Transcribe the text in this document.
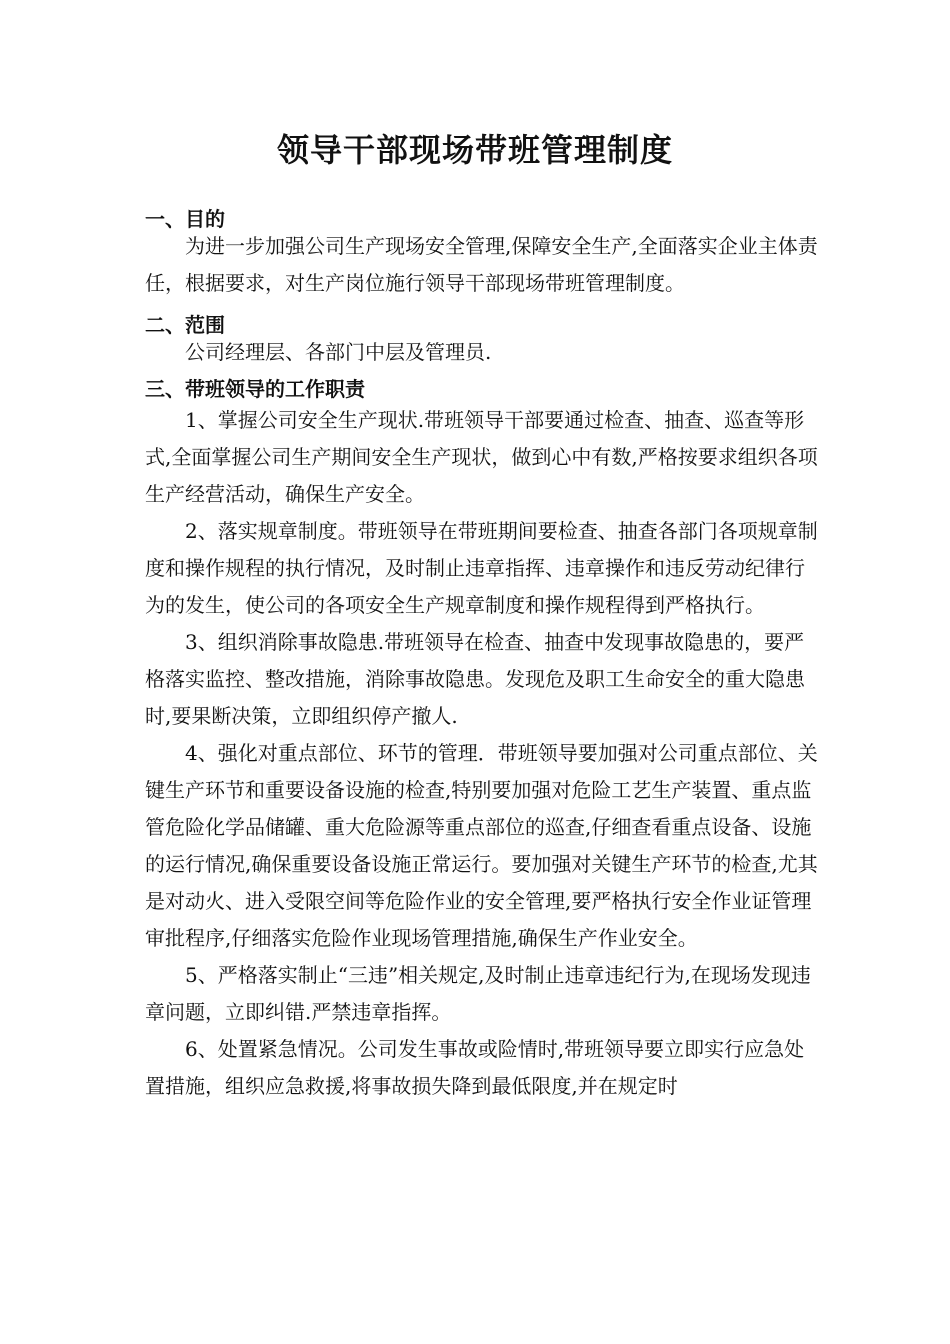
领导干部现场带班管理制度

一、目的

为进一步加强公司生产现场安全管理,保障安全生产,全面落实企业主体责任，根据要求，对生产岗位施行领导干部现场带班管理制度。

二、范围

公司经理层、各部门中层及管理员.

三、带班领导的工作职责

1、掌握公司安全生产现状.带班领导干部要通过检查、抽查、巡查等形式,全面掌握公司生产期间安全生产现状，做到心中有数,严格按要求组织各项生产经营活动，确保生产安全。

2、落实规章制度。带班领导在带班期间要检查、抽查各部门各项规章制度和操作规程的执行情况，及时制止违章指挥、违章操作和违反劳动纪律行为的发生，使公司的各项安全生产规章制度和操作规程得到严格执行。

3、组织消除事故隐患.带班领导在检查、抽查中发现事故隐患的，要严格落实监控、整改措施，消除事故隐患。发现危及职工生命安全的重大隐患时,要果断决策，立即组织停产撤人.

4、强化对重点部位、环节的管理．带班领导要加强对公司重点部位、关键生产环节和重要设备设施的检查,特别要加强对危险工艺生产装置、重点监管危险化学品储罐、重大危险源等重点部位的巡查,仔细查看重点设备、设施的运行情况,确保重要设备设施正常运行。要加强对关键生产环节的检查,尤其是对动火、进入受限空间等危险作业的安全管理,要严格执行安全作业证管理审批程序,仔细落实危险作业现场管理措施,确保生产作业安全。

5、严格落实制止“三违”相关规定,及时制止违章违纪行为,在现场发现违章问题，立即纠错.严禁违章指挥。

6、处置紧急情况。公司发生事故或险情时,带班领导要立即实行应急处置措施，组织应急救援,将事故损失降到最低限度,并在规定时
